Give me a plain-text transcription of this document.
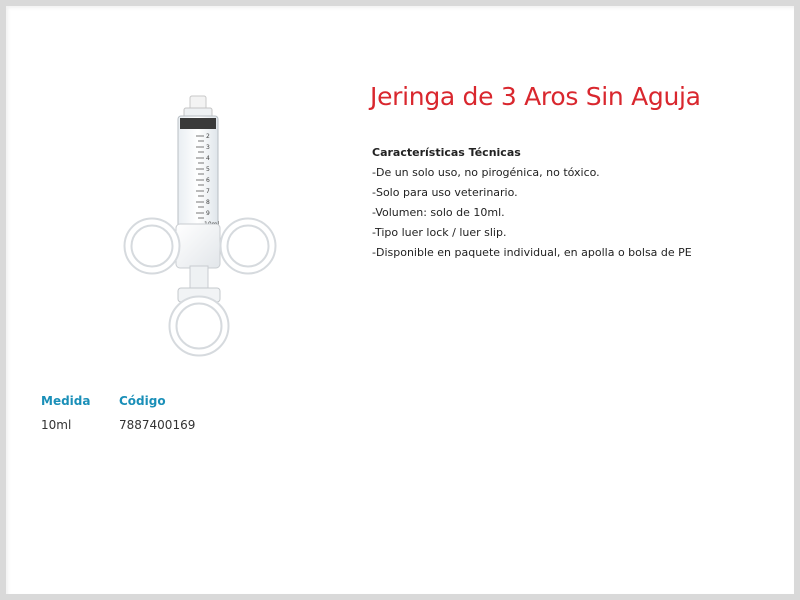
2
3
4
5
6
7
8
9
Jeringa de 3 Aros Sin Aguja
Características Técnicas
-De un solo uso, no pirogénica, no tóxico.
-Solo para uso veterinario.
-Volumen: solo de 10ml.
-Tipo luer lock / luer slip.
-Disponible en paquete individual, en apolla o bolsa de PE
Medida Código
10ml	7887400169
